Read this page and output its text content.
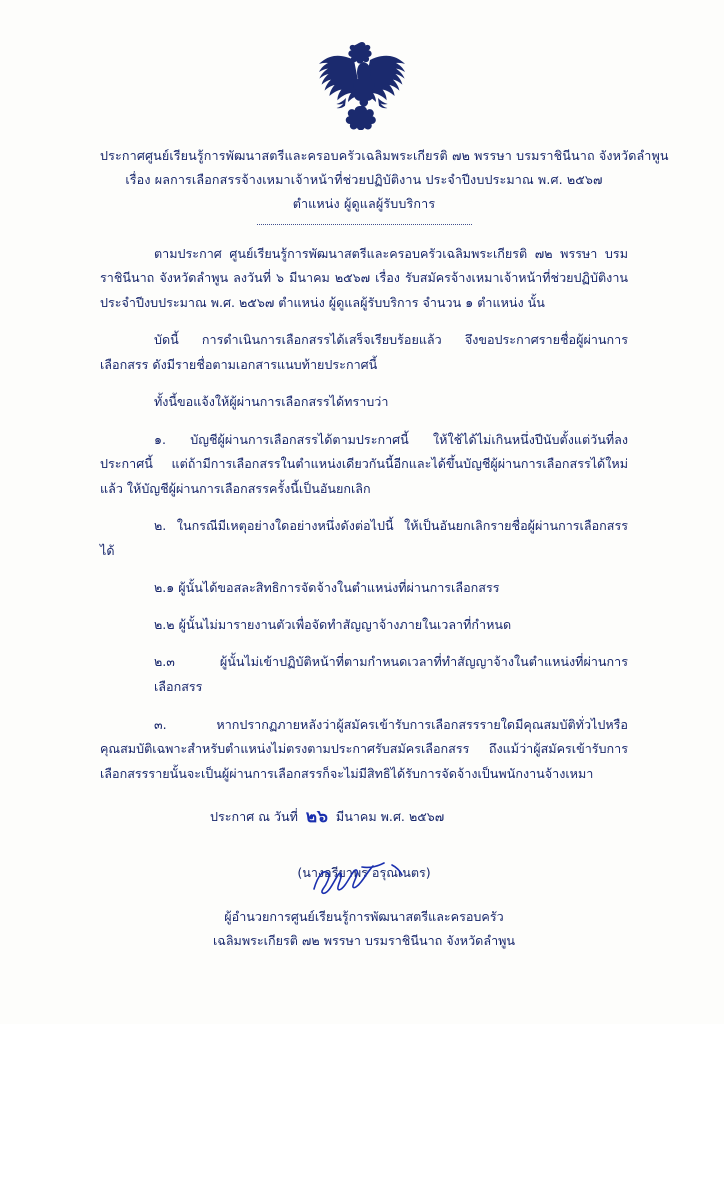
ประกาศศูนย์เรียนรู้การพัฒนาสตรีและครอบครัวเฉลิมพระเกียรติ ๗๒ พรรษา บรมราชินีนาถ จังหวัดลำพูน
เรื่อง ผลการเลือกสรรจ้างเหมาเจ้าหน้าที่ช่วยปฏิบัติงาน ประจำปีงบประมาณ พ.ศ. ๒๕๖๗
ตำแหน่ง ผู้ดูแลผู้รับบริการ

ตามประกาศ ศูนย์เรียนรู้การพัฒนาสตรีและครอบครัวเฉลิมพระเกียรติ ๗๒ พรรษา บรมราชินีนาถ จังหวัดลำพูน ลงวันที่ ๖ มีนาคม ๒๕๖๗ เรื่อง รับสมัครจ้างเหมาเจ้าหน้าที่ช่วยปฏิบัติงาน ประจำปีงบประมาณ พ.ศ. ๒๕๖๗ ตำแหน่ง ผู้ดูแลผู้รับบริการ จำนวน ๑ ตำแหน่ง นั้น

บัดนี้ การดำเนินการเลือกสรรได้เสร็จเรียบร้อยแล้ว จึงขอประกาศรายชื่อผู้ผ่านการเลือกสรร ดังมีรายชื่อตามเอกสารแนบท้ายประกาศนี้

ทั้งนี้ขอแจ้งให้ผู้ผ่านการเลือกสรรได้ทราบว่า

๑. บัญชีผู้ผ่านการเลือกสรรได้ตามประกาศนี้ ให้ใช้ได้ไม่เกินหนึ่งปีนับตั้งแต่วันที่ลงประกาศนี้ แต่ถ้ามีการเลือกสรรในตำแหน่งเดียวกันนี้อีกและได้ขึ้นบัญชีผู้ผ่านการเลือกสรรได้ใหม่แล้ว ให้บัญชีผู้ผ่านการเลือกสรรครั้งนี้เป็นอันยกเลิก

๒. ในกรณีมีเหตุอย่างใดอย่างหนึ่งดังต่อไปนี้ ให้เป็นอันยกเลิกรายชื่อผู้ผ่านการเลือกสรรได้

๒.๑ ผู้นั้นได้ขอสละสิทธิการจัดจ้างในตำแหน่งที่ผ่านการเลือกสรร

๒.๒ ผู้นั้นไม่มารายงานตัวเพื่อจัดทำสัญญาจ้างภายในเวลาที่กำหนด

๒.๓ ผู้นั้นไม่เข้าปฏิบัติหน้าที่ตามกำหนดเวลาที่ทำสัญญาจ้างในตำแหน่งที่ผ่านการเลือกสรร

๓. หากปรากฏภายหลังว่าผู้สมัครเข้ารับการเลือกสรรรายใดมีคุณสมบัติทั่วไปหรือคุณสมบัติเฉพาะสำหรับตำแหน่งไม่ตรงตามประกาศรับสมัครเลือกสรร ถึงแม้ว่าผู้สมัครเข้ารับการเลือกสรรรายนั้นจะเป็นผู้ผ่านการเลือกสรรก็จะไม่มีสิทธิได้รับการจัดจ้างเป็นพนักงานจ้างเหมา

ประกาศ ณ วันที่ ๒๖ มีนาคม พ.ศ. ๒๕๖๗
(นางอรียาพร อรุณเนตร)
ผู้อำนวยการศูนย์เรียนรู้การพัฒนาสตรีและครอบครัว
เฉลิมพระเกียรติ ๗๒ พรรษา บรมราชินีนาถ จังหวัดลำพูน
